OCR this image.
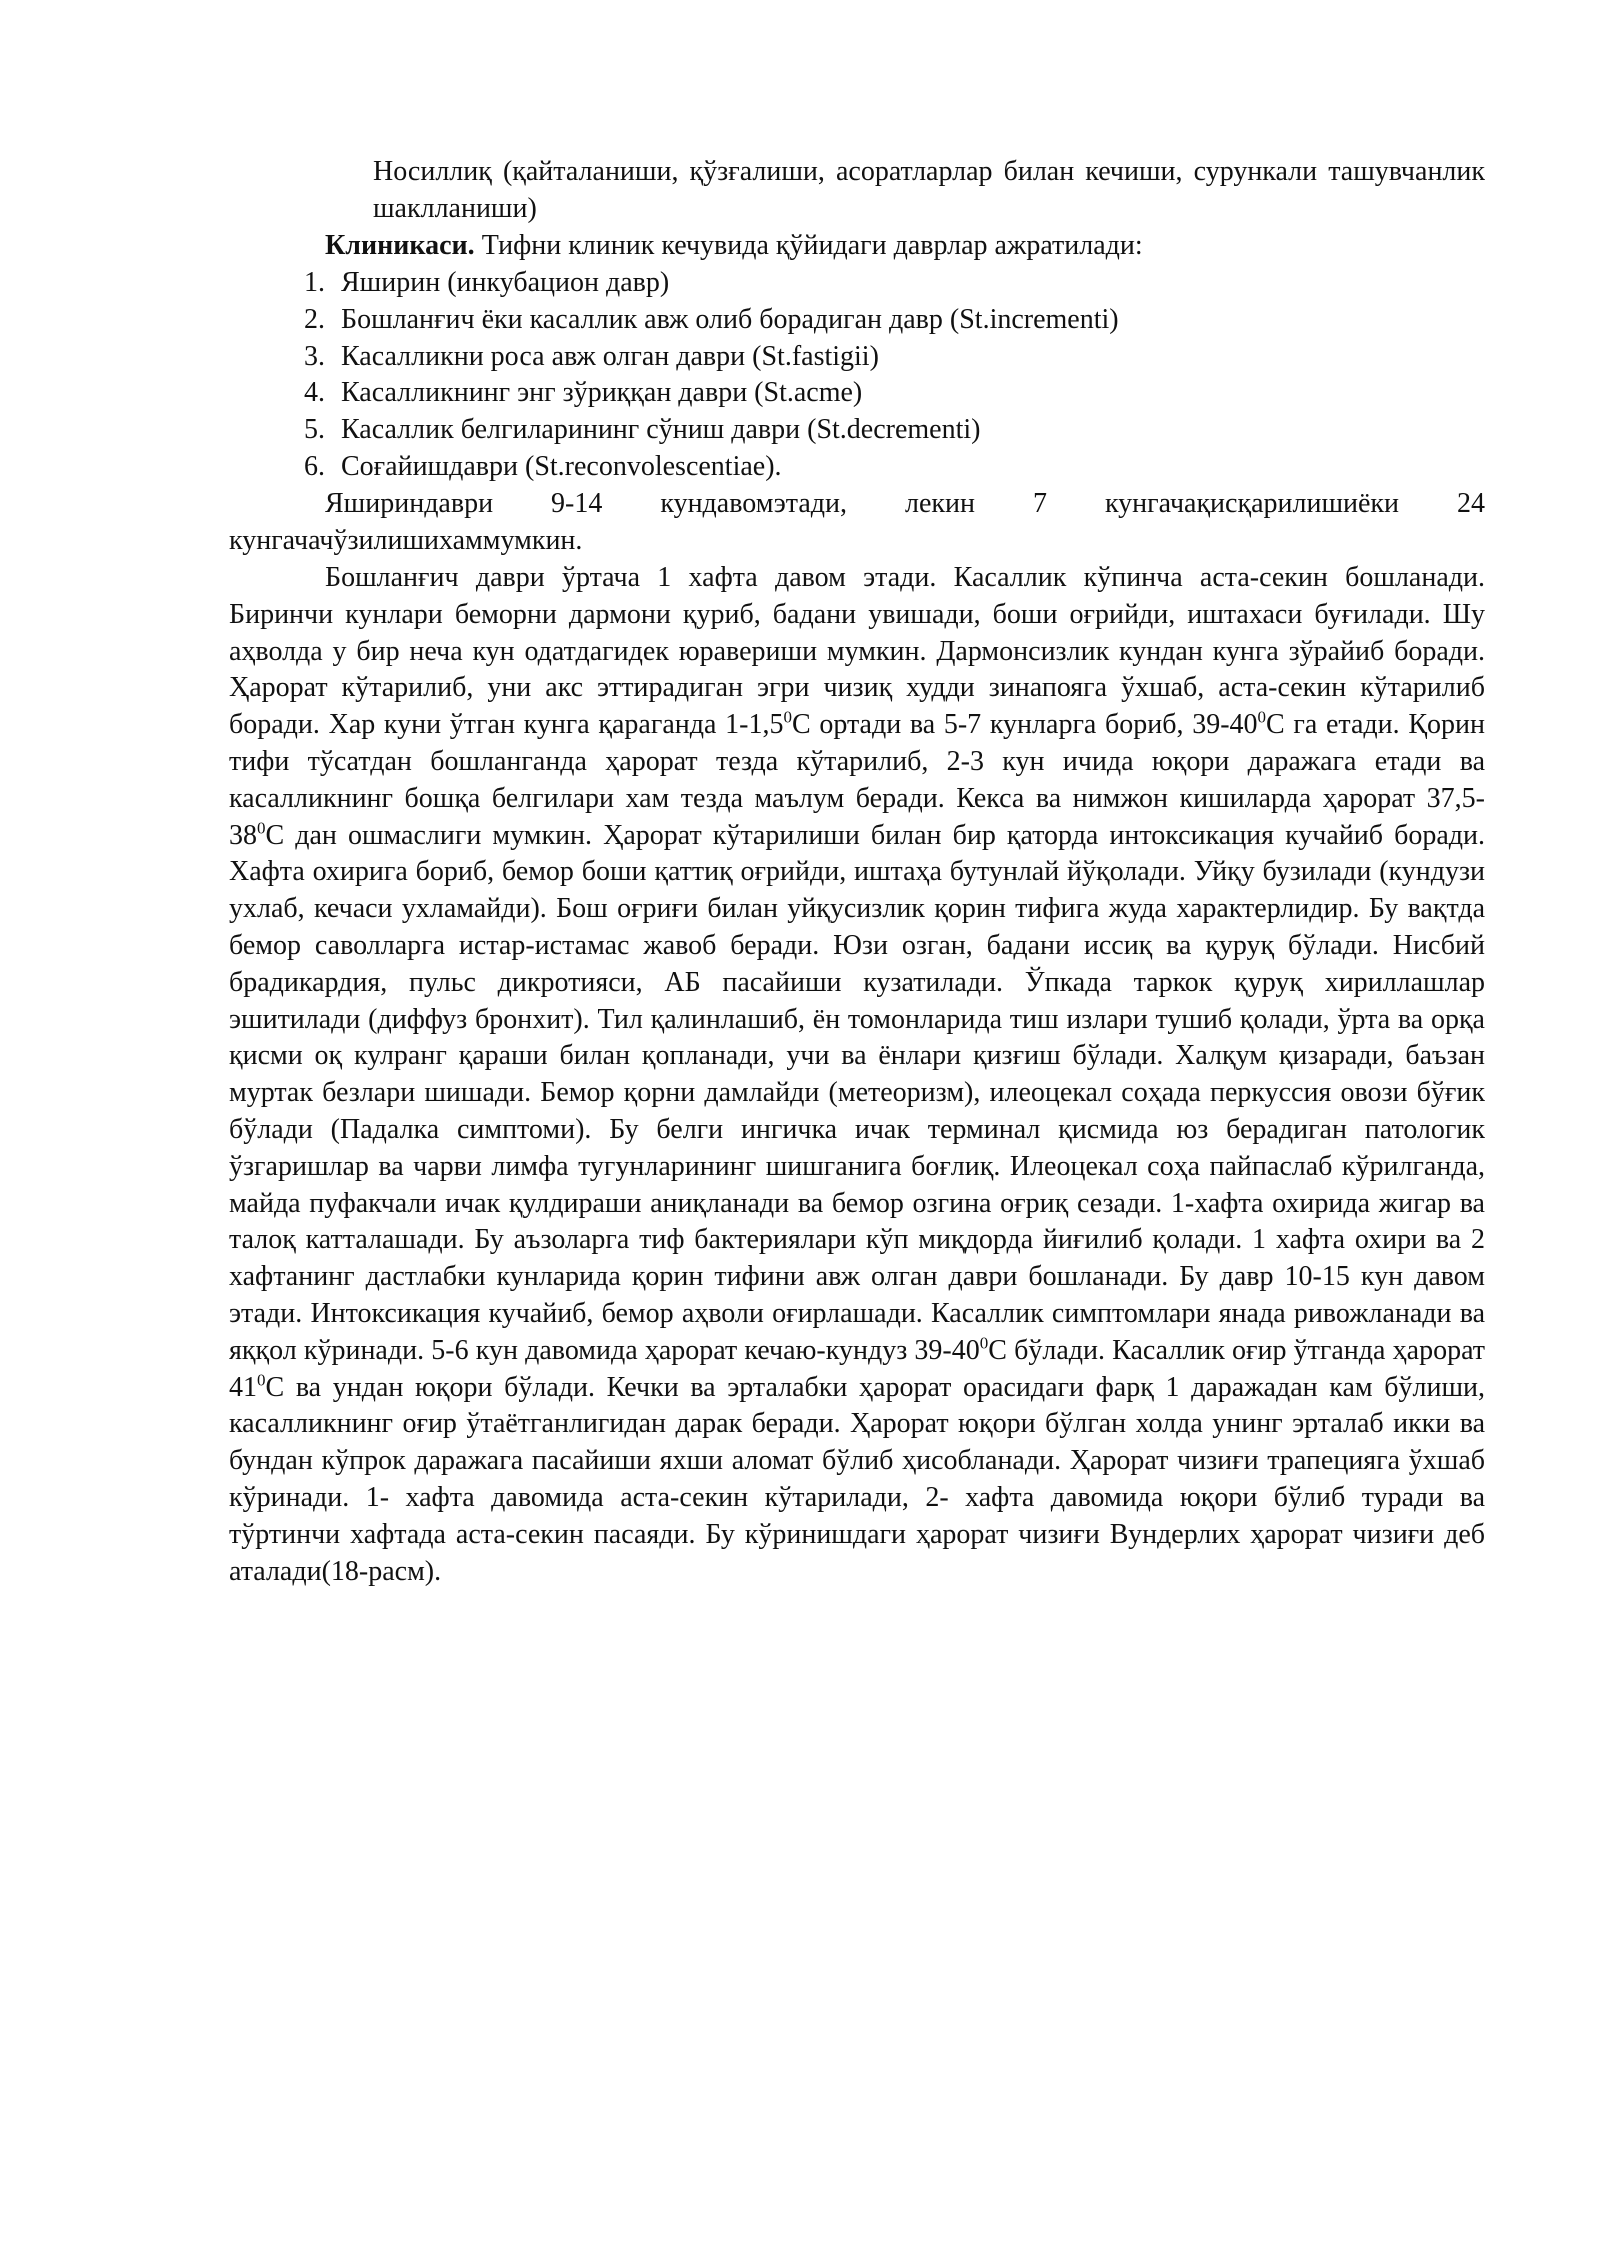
Носиллиқ (қайталаниши, қўзғалиши, асоратларлар билан кечиши, сурункали ташувчанлик шаклланиши)
Клиникаси. Тифни клиник кечувида қўйидаги даврлар ажратилади:
1. Яширин (инкубацион давр)
2. Бошланғич ёки касаллик авж олиб борадиган давр (St.incrementi)
3. Касалликни роса авж олган даври (St.fastigii)
4. Касалликнинг энг зўриққан даври (St.acme)
5. Касаллик белгиларининг сўниш даври (St.decrementi)
6. Соғайишдаври (St.reconvolescentiae).
Яшириндаври 9-14 кундавомэтади, лекин 7 кунгачақисқарилишиёки 24 кунгачачўзилишихаммумкин.
Бошланғич даври ўртача 1 хафта давом этади. Касаллик кўпинча аста-секин бошланади. Биринчи кунлари беморни дармони қуриб, бадани увишади, боши оғрийди, иштахаси буғилади. Шу аҳволда у бир неча кун одатдагидек юравериши мумкин. Дармонсизлик кундан кунга зўрайиб боради. Ҳарорат кўтарилиб, уни акс эттирадиган эгри чизиқ худди зинапояга ўхшаб, аста-секин кўтарилиб боради. Хар куни ўтган кунга қараганда $1-1,5^0С$ ортади ва 5-7 кунларга бориб, $39-40^0С$ га етади. Қорин тифи тўсатдан бошланганда ҳарорат тезда кўтарилиб, 2-3 кун ичида юқори даражага етади ва касалликнинг бошқа белгилари хам тезда маълум беради. Кекса ва нимжон кишиларда ҳарорат $37,5-38^0С$ дан ошмаслиги мумкин. Ҳарорат кўтарилиши билан бир қаторда интоксикация кучайиб боради. Хафта охирига бориб, бемор боши қаттиқ оғрийди, иштаҳа бутунлай йўқолади. Уйқу бузилади (кундузи ухлаб, кечаси ухламайди). Бош оғриғи билан уйқусизлик қорин тифига жуда характерлидир. Бу вақтда бемор саволларга истар-истамас жавоб беради. Юзи озган, бадани иссиқ ва қуруқ бўлади. Нисбий брадикардия, пульс дикротияси, АБ пасайиши кузатилади. Ўпкада таркок қуруқ хириллашлар эшитилади (диффуз бронхит). Тил қалинлашиб, ён томонларида тиш излари тушиб қолади, ўрта ва орқа қисми оқ кулранг қараши билан қопланади, учи ва ёнлари қизғиш бўлади. Халқум қизаради, баъзан муртак безлари шишади. Бемор қорни дамлайди (метеоризм), илеоцекал соҳада перкуссия овози бўғик бўлади (Падалка симптоми). Бу белги ингичка ичак терминал қисмида юз берадиган патологик ўзгаришлар ва чарви лимфа тугунларининг шишганига боғлиқ. Илеоцекал соҳа пайпаслаб кўрилганда, майда пуфакчали ичак қулдираши аниқланади ва бемор озгина оғриқ сезади. 1-хафта охирида жигар ва талоқ катталашади. Бу аъзоларга тиф бактериялари кўп миқдорда йиғилиб қолади. 1 хафта охири ва 2 хафтанинг дастлабки кунларида қорин тифини авж олган даври бошланади. Бу давр 10-15 кун давом этади. Интоксикация кучайиб, бемор аҳволи оғирлашади. Касаллик симптомлари янада ривожланади ва яққол кўринади. 5-6 кун давомида ҳарорат кечаю-кундуз $39-40^0С$ бўлади. Касаллик оғир ўтганда ҳарорат $41^0С$ ва ундан юқори бўлади. Кечки ва эрталабки ҳарорат орасидаги фарқ 1 даражадан кам бўлиши, касалликнинг оғир ўтаётганлигидан дарак беради. Ҳарорат юқори бўлган холда унинг эрталаб икки ва бундан кўпрок даражага пасайиши яхши аломат бўлиб ҳисобланади. Ҳарорат чизиғи трапецияга ўхшаб кўринади. 1- хафта давомида аста-секин кўтарилади, 2- хафта давомида юқори бўлиб туради ва тўртинчи хафтада аста-секин пасаяди. Бу кўринишдаги ҳарорат чизиғи Вундерлих ҳарорат чизиғи деб аталади(18-расм).
